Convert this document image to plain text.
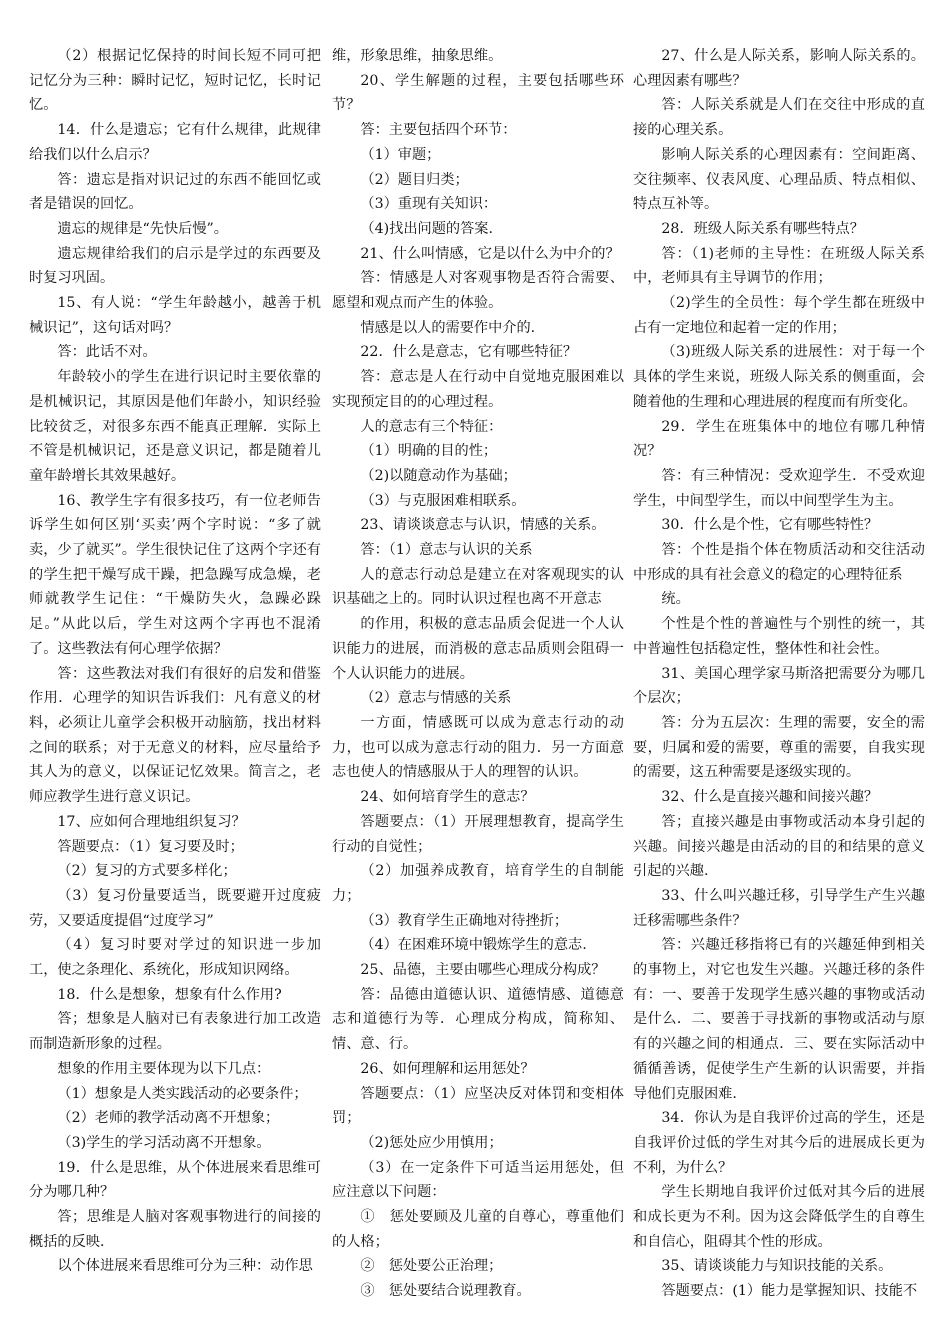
（2）根据记忆保持的时间长短不同可把记忆分为三种：瞬时记忆，短时记忆，长时记忆。

14．什么是遗忘；它有什么规律，此规律给我们以什么启示？

答：遗忘是指对识记过的东西不能回忆或者是错误的回忆。

遗忘的规律是“先快后慢”。

遗忘规律给我们的启示是学过的东西要及时复习巩固。

15、有人说：“学生年龄越小，越善于机械识记”，这句话对吗？

答：此话不对。

年龄较小的学生在进行识记时主要依靠的是机械识记，其原因是他们年龄小，知识经验比较贫乏，对很多东西不能真正理解．实际上不管是机械识记，还是意义识记，都是随着儿童年龄增长其效果越好。

16、教学生字有很多技巧，有一位老师告诉学生如何区别‘买卖’两个字时说：“多了就卖，少了就买”。学生很快记住了这两个字还有的学生把干燥写成干躁，把急躁写成急燥，老师就教学生记住：“干燥防失火，急躁必跺足。”从此以后，学生对这两个字再也不混淆了。这些教法有何心理学依据？

答：这些教法对我们有很好的启发和借鉴作用．心理学的知识告诉我们：凡有意义的材料，必须让儿童学会积极开动脑筋，找出材料之间的联系；对于无意义的材料，应尽量给予其人为的意义，以保证记忆效果。简言之，老师应教学生进行意义识记。

17、应如何合理地组织复习？

答题要点：（1）复习要及时；

（2）复习的方式要多样化；

（3）复习份量要适当，既要避开过度疲劳，又要适度提倡“过度学习”

（4）复习时要对学过的知识进一步加工，使之条理化、系统化，形成知识网络。

18．什么是想象，想象有什么作用?

答；想象是人脑对已有表象进行加工改造而制造新形象的过程。

想象的作用主要体现为以下几点：

（1）想象是人类实践活动的必要条件；

（2）老师的教学活动离不开想象；

（3)学生的学习活动离不开想象。

19．什么是思维，从个体进展来看思维可分为哪几种？

答；思维是人脑对客观事物进行的间接的概括的反映．

以个体进展来看思维可分为三种：动作思

维，形象思维，抽象思维。

20、学生解题的过程，主要包括哪些环节？

答：主要包括四个环节：

（1）审题；

（2）题目归类；

（3）重现有关知识：

（4)找出问题的答案.

21、什么叫情感，它是以什么为中介的？

答：情感是人对客观事物是否符合需要、愿望和观点而产生的体验。

情感是以人的需要作中介的.

22．什么是意志，它有哪些特征？

答：意志是人在行动中自觉地克服困难以实现预定目的的心理过程。

人的意志有三个特征：

（1）明确的目的性；

（2)以随意动作为基础；

（3）与克服困难相联系。

23、请谈谈意志与认识，情感的关系。

答：（1）意志与认识的关系

人的意志行动总是建立在对客观现实的认识基础之上的。同时认识过程也离不开意志

的作用，积极的意志品质会促进一个人认识能力的进展，而消极的意志品质则会阻碍一个人认识能力的进展。

（2）意志与情感的关系

一方面，情感既可以成为意志行动的动力，也可以成为意志行动的阻力．另一方面意志也使人的情感服从于人的理智的认识。

24、如何培育学生的意志？

答题要点：（1）开展理想教育，提高学生行动的自觉性；

（2）加强养成教育，培育学生的自制能力；

（3）教育学生正确地对待挫折；

（4）在困难环境中锻炼学生的意志.

25、品德，主要由哪些心理成分构成？

答：品德由道德认识、道德情感、道德意志和道德行为等．心理成分构成，简称知、情、意、行。

26、如何理解和运用惩处？

答题要点：（1）应坚决反对体罚和变相体罚；

（2)惩处应少用慎用；

（3）在一定条件下可适当运用惩处，但应注意以下问题：

①　惩处要顾及儿童的自尊心，尊重他们的人格；

②　惩处要公正治理；

③　惩处要结合说理教育。

27、什么是人际关系，影响人际关系的。心理因素有哪些？

答：人际关系就是人们在交往中形成的直接的心理关系。

影响人际关系的心理因素有：空间距离、交往频率、仪表风度、心理品质、特点相似、特点互补等。

28．班级人际关系有哪些特点？

答：（1)老师的主导性：在班级人际关系中，老师具有主导调节的作用；

（2)学生的全员性：每个学生都在班级中占有一定地位和起着一定的作用；

（3)班级人际关系的进展性：对于每一个具体的学生来说，班级人际关系的侧重面，会随着他的生理和心理进展的程度而有所变化。

29．学生在班集体中的地位有哪几种情况？

答：有三种情况：受欢迎学生．不受欢迎学生，中间型学生，而以中间型学生为主。

30．什么是个性，它有哪些特性？

答：个性是指个体在物质活动和交往活动中形成的具有社会意义的稳定的心理特征系

统。

个性是个性的普遍性与个别性的统一，其中普遍性包括稳定性，整体性和社会性。

31、美国心理学家马斯洛把需要分为哪几个层次；

答：分为五层次：生理的需要，安全的需要，归属和爱的需要，尊重的需要，自我实现的需要，这五种需要是逐级实现的。

32、什么是直接兴趣和间接兴趣？

答；直接兴趣是由事物或活动本身引起的兴趣。间接兴趣是由活动的目的和结果的意义引起的兴趣.

33、什么叫兴趣迁移，引导学生产生兴趣迁移需哪些条件？

答：兴趣迁移指将已有的兴趣延伸到相关的事物上，对它也发生兴趣。兴趣迁移的条件有：一、要善于发现学生感兴趣的事物或活动是什么．二、要善于寻找新的事物或活动与原有的兴趣之间的相通点．三、要在实际活动中循循善诱，促使学生产生新的认识需要，并指导他们克服困难.

34．你认为是自我评价过高的学生，还是自我评价过低的学生对其今后的进展成长更为不利，为什么？

学生长期地自我评价过低对其今后的进展和成长更为不利。因为这会降低学生的自尊生和自信心，阻碍其个性的形成。

35、请谈谈能力与知识技能的关系。

答题要点：(1）能力是掌握知识、技能不
